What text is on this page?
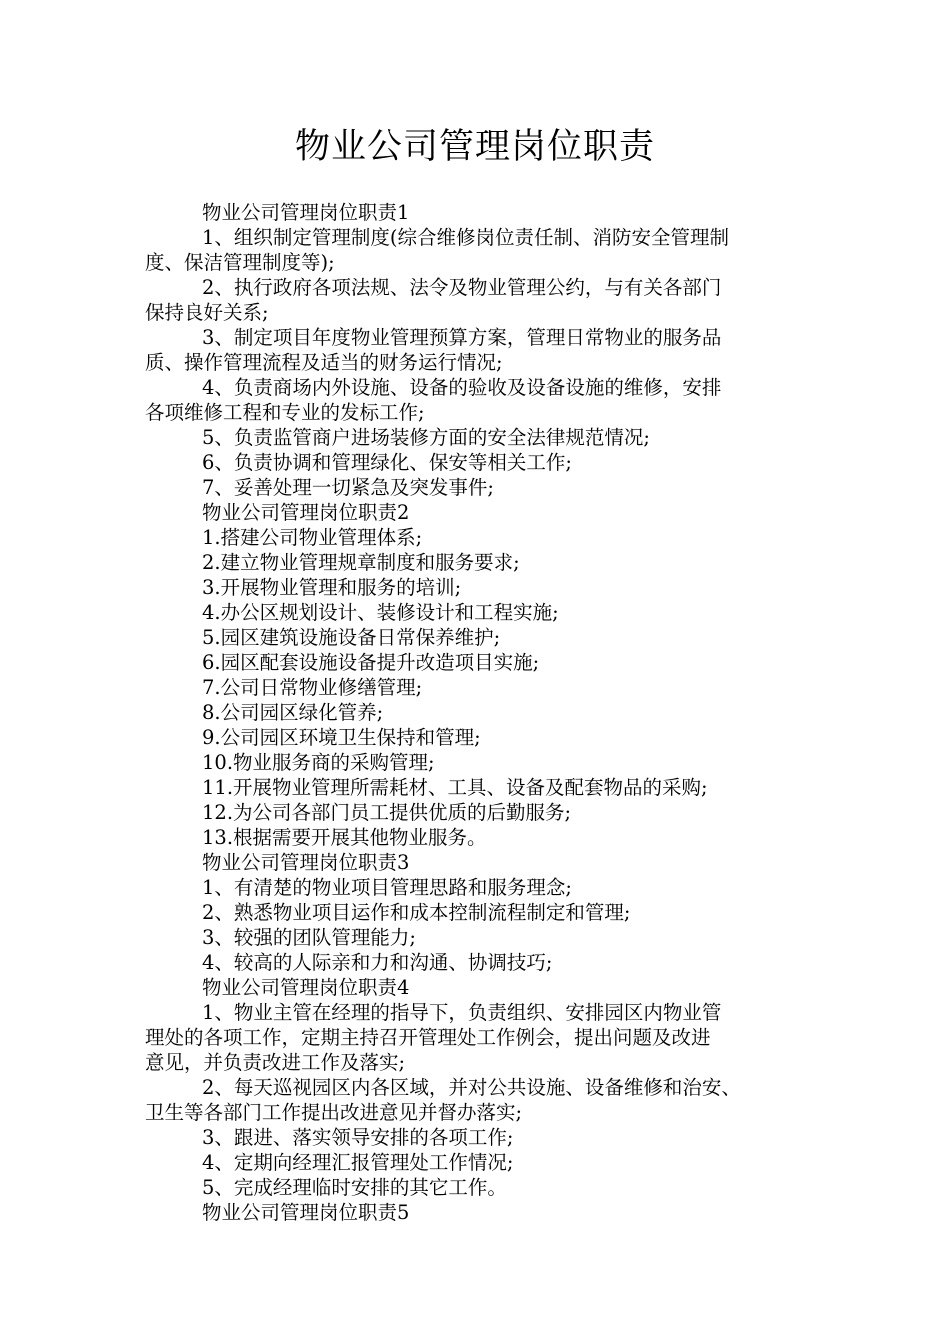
物业公司管理岗位职责
物业公司管理岗位职责1
1、组织制定管理制度(综合维修岗位责任制、消防安全管理制
度、保洁管理制度等);
2、执行政府各项法规、法令及物业管理公约，与有关各部门
保持良好关系;
3、制定项目年度物业管理预算方案，管理日常物业的服务品
质、操作管理流程及适当的财务运行情况;
4、负责商场内外设施、设备的验收及设备设施的维修，安排
各项维修工程和专业的发标工作;
5、负责监管商户进场装修方面的安全法律规范情况;
6、负责协调和管理绿化、保安等相关工作;
7、妥善处理一切紧急及突发事件;
物业公司管理岗位职责2
1.搭建公司物业管理体系;
2.建立物业管理规章制度和服务要求;
3.开展物业管理和服务的培训;
4.办公区规划设计、装修设计和工程实施;
5.园区建筑设施设备日常保养维护;
6.园区配套设施设备提升改造项目实施;
7.公司日常物业修缮管理;
8.公司园区绿化管养;
9.公司园区环境卫生保持和管理;
10.物业服务商的采购管理;
11.开展物业管理所需耗材、工具、设备及配套物品的采购;
12.为公司各部门员工提供优质的后勤服务;
13.根据需要开展其他物业服务。
物业公司管理岗位职责3
1、有清楚的物业项目管理思路和服务理念;
2、熟悉物业项目运作和成本控制流程制定和管理;
3、较强的团队管理能力;
4、较高的人际亲和力和沟通、协调技巧;
物业公司管理岗位职责4
1、物业主管在经理的指导下，负责组织、安排园区内物业管
理处的各项工作，定期主持召开管理处工作例会，提出问题及改进
意见，并负责改进工作及落实;
2、每天巡视园区内各区域，并对公共设施、设备维修和治安、
卫生等各部门工作提出改进意见并督办落实;
3、跟进、落实领导安排的各项工作;
4、定期向经理汇报管理处工作情况;
5、完成经理临时安排的其它工作。
物业公司管理岗位职责5
